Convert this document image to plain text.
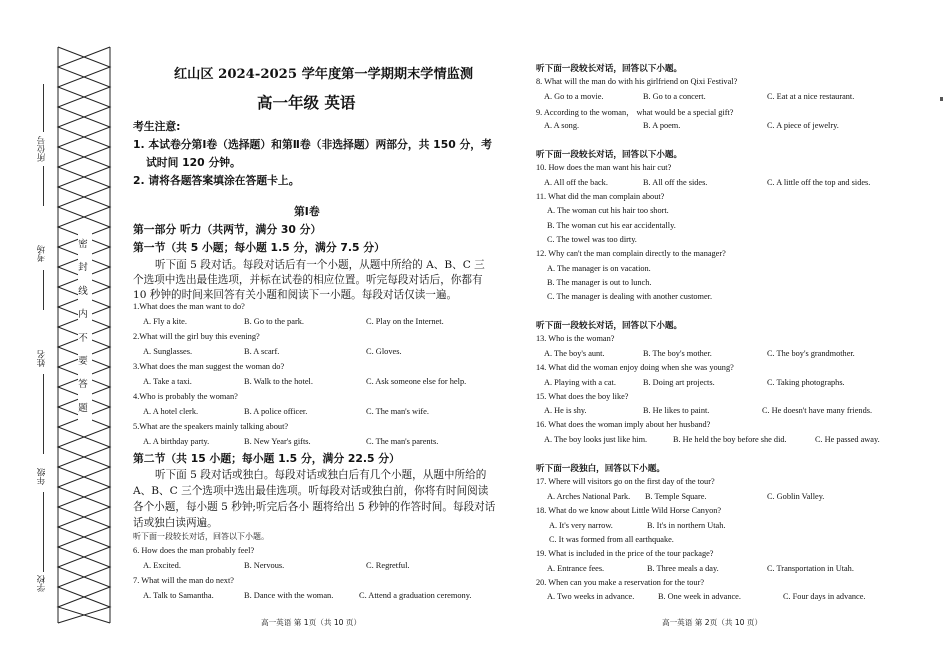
所位号
考场
姓名
年级
学校
密封线内不要答题
红山区 2024-2025 学年度第一学期期末学情监测
高一年级 英语
考生注意:
1. 本试卷分第Ⅰ卷（选择题）和第Ⅱ卷（非选择题）两部分，共 150 分，考
试时间 120 分钟。
2. 请将各题答案填涂在答题卡上。
第Ⅰ卷
第一部分 听力（共两节，满分 30 分）
第一节（共 5 小题；每小题 1.5 分，满分 7.5 分）
听下面 5 段对话。每段对话后有一个小题，从题中所给的 A、B、C 三
个选项中选出最佳选项，并标在试卷的相应位置。听完每段对话后，你都有
10 秒钟的时间来回答有关小题和阅读下一小题。每段对话仅读一遍。
1.What does the man want to do?
A. Fly a kite.	B. Go to the park.	C. Play on the Internet.
2.What will the girl buy this evening?
A. Sunglasses.	B. A scarf.	C. Gloves.
3.What does the man suggest the woman do?
A. Take a taxi.	B. Walk to the hotel.	C. Ask someone else for help.
4.Who is probably the woman?
A. A hotel clerk.	B. A police officer.	C. The man's wife.
5.What are the speakers mainly talking about?
A. A birthday party.	B. New Year's gifts.	C. The man's parents.
第二节（共 15 小题；每小题 1.5 分，满分 22.5 分）
听下面 5 段对话或独白。每段对话或独白后有几个小题，从题中所给的
A、B、C 三个选项中选出最佳选项。听每段对话或独白前，你将有时间阅读
各个小题，每小题 5 秒钟;听完后各小 题将给出 5 秒钟的作答时间。每段对话
话或独白读两遍。
听下面一段较长对话，回答以下小题。
6. How does the man probably feel?
A. Excited.	B. Nervous.	C. Regretful.
7. What will the man do next?
A. Talk to Samantha.	B. Dance with the woman.	C. Attend a graduation ceremony.
高一英语 第 1页（共 10 页）
听下面一段较长对话，回答以下小题。
8. What will the man do with his girlfriend on Qixi Festival?
A. Go to a movie.	B. Go to a concert.	C. Eat at a nice restaurant.
9. According to the woman， what would be a special gift?
A. A song.	B. A poem.	C. A piece of jewelry.
听下面一段较长对话，回答以下小题。
10. How does the man want his hair cut?
A. All off the back.	B. All off the sides.	C. A little off the top and sides.
11. What did the man complain about?
A. The woman cut his hair too short.
B. The woman cut his ear accidentally.
C. The towel was too dirty.
12. Why can't the man complain directly to the manager?
A. The manager is on vacation.
B. The manager is out to lunch.
C. The manager is dealing with another customer.
听下面一段较长对话，回答以下小题。
13. Who is the woman?
A. The boy's aunt.	B. The boy's mother.	C. The boy's grandmother.
14. What did the woman enjoy doing when she was young?
A. Playing with a cat.	B. Doing art projects.	C. Taking photographs.
15. What does the boy like?
A. He is shy.	B. He likes to paint.	C. He doesn't have many friends.
16. What does the woman imply about her husband?
A. The boy looks just like him.	B. He held the boy before she did.	C. He passed away.
听下面一段独白，回答以下小题。
17. Where will visitors go on the first day of the tour?
A. Arches National Park. B. Temple Square.	C. Goblin Valley.
18. What do we know about Little Wild Horse Canyon?
A. It's very narrow.	B. It's in northern Utah.
C. It was formed from all earthquake.
19. What is included in the price of the tour package?
A. Entrance fees.	B. Three meals a day.	C. Transportation in Utah.
20. When can you make a reservation for the tour?
A. Two weeks in advance.	B. One week in advance.	C. Four days in advance.
高一英语 第 2页（共 10 页）
